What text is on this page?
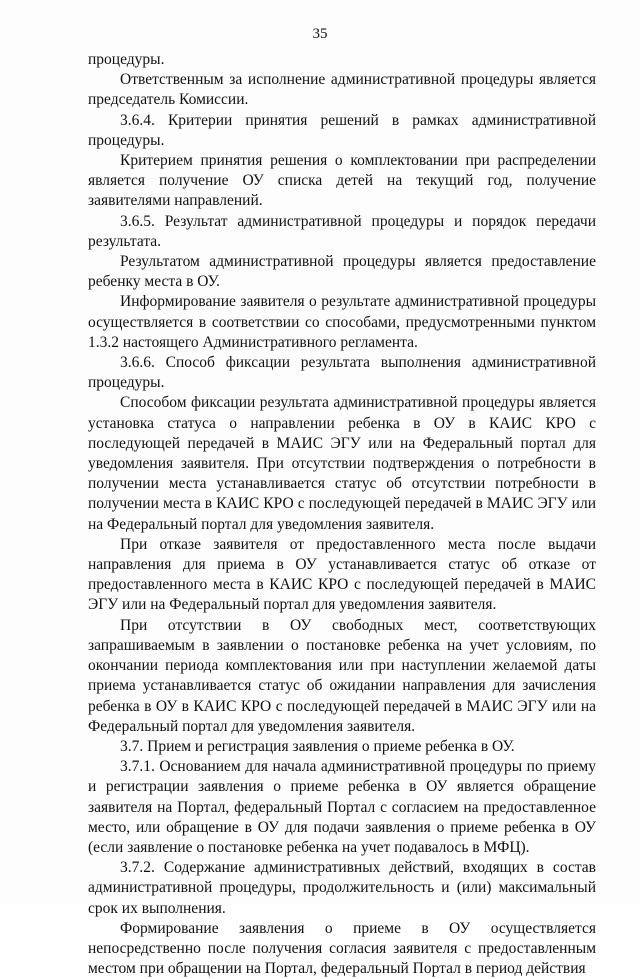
35

процедуры.

Ответственным за исполнение административной процедуры является председатель Комиссии.

3.6.4. Критерии принятия решений в рамках административной процедуры.

Критерием принятия решения о комплектовании при распределении является получение ОУ списка детей на текущий год, получение заявителями направлений.

3.6.5. Результат административной процедуры и порядок передачи результата.

Результатом административной процедуры является предоставление ребенку места в ОУ.

Информирование заявителя о результате административной процедуры осуществляется в соответствии со способами, предусмотренными пунктом 1.3.2 настоящего Административного регламента.

3.6.6. Способ фиксации результата выполнения административной процедуры.

Способом фиксации результата административной процедуры является установка статуса о направлении ребенка в ОУ в КАИС КРО с последующей передачей в МАИС ЭГУ или на Федеральный портал для уведомления заявителя. При отсутствии подтверждения о потребности в получении места устанавливается статус об отсутствии потребности в получении места в КАИС КРО с последующей передачей в МАИС ЭГУ или на Федеральный портал для уведомления заявителя.

При отказе заявителя от предоставленного места после выдачи направления для приема в ОУ устанавливается статус об отказе от предоставленного места в КАИС КРО с последующей передачей в МАИС ЭГУ или на Федеральный портал для уведомления заявителя.

При отсутствии в ОУ свободных мест, соответствующих запрашиваемым в заявлении о постановке ребенка на учет условиям, по окончании периода комплектования или при наступлении желаемой даты приема устанавливается статус об ожидании направления для зачисления ребенка в ОУ в КАИС КРО с последующей передачей в МАИС ЭГУ или на Федеральный портал для уведомления заявителя.

3.7. Прием и регистрация заявления о приеме ребенка в ОУ.

3.7.1. Основанием для начала административной процедуры по приему и регистрации заявления о приеме ребенка в ОУ является обращение заявителя на Портал, федеральный Портал с согласием на предоставленное место, или обращение в ОУ для подачи заявления о приеме ребенка в ОУ (если заявление о постановке ребенка на учет подавалось в МФЦ).

3.7.2. Содержание административных действий, входящих в состав административной процедуры, продолжительность и (или) максимальный срок их выполнения.

Формирование заявления о приеме в ОУ осуществляется непосредственно после получения согласия заявителя с предоставленным местом при обращении на Портал, федеральный Портал в период действия
